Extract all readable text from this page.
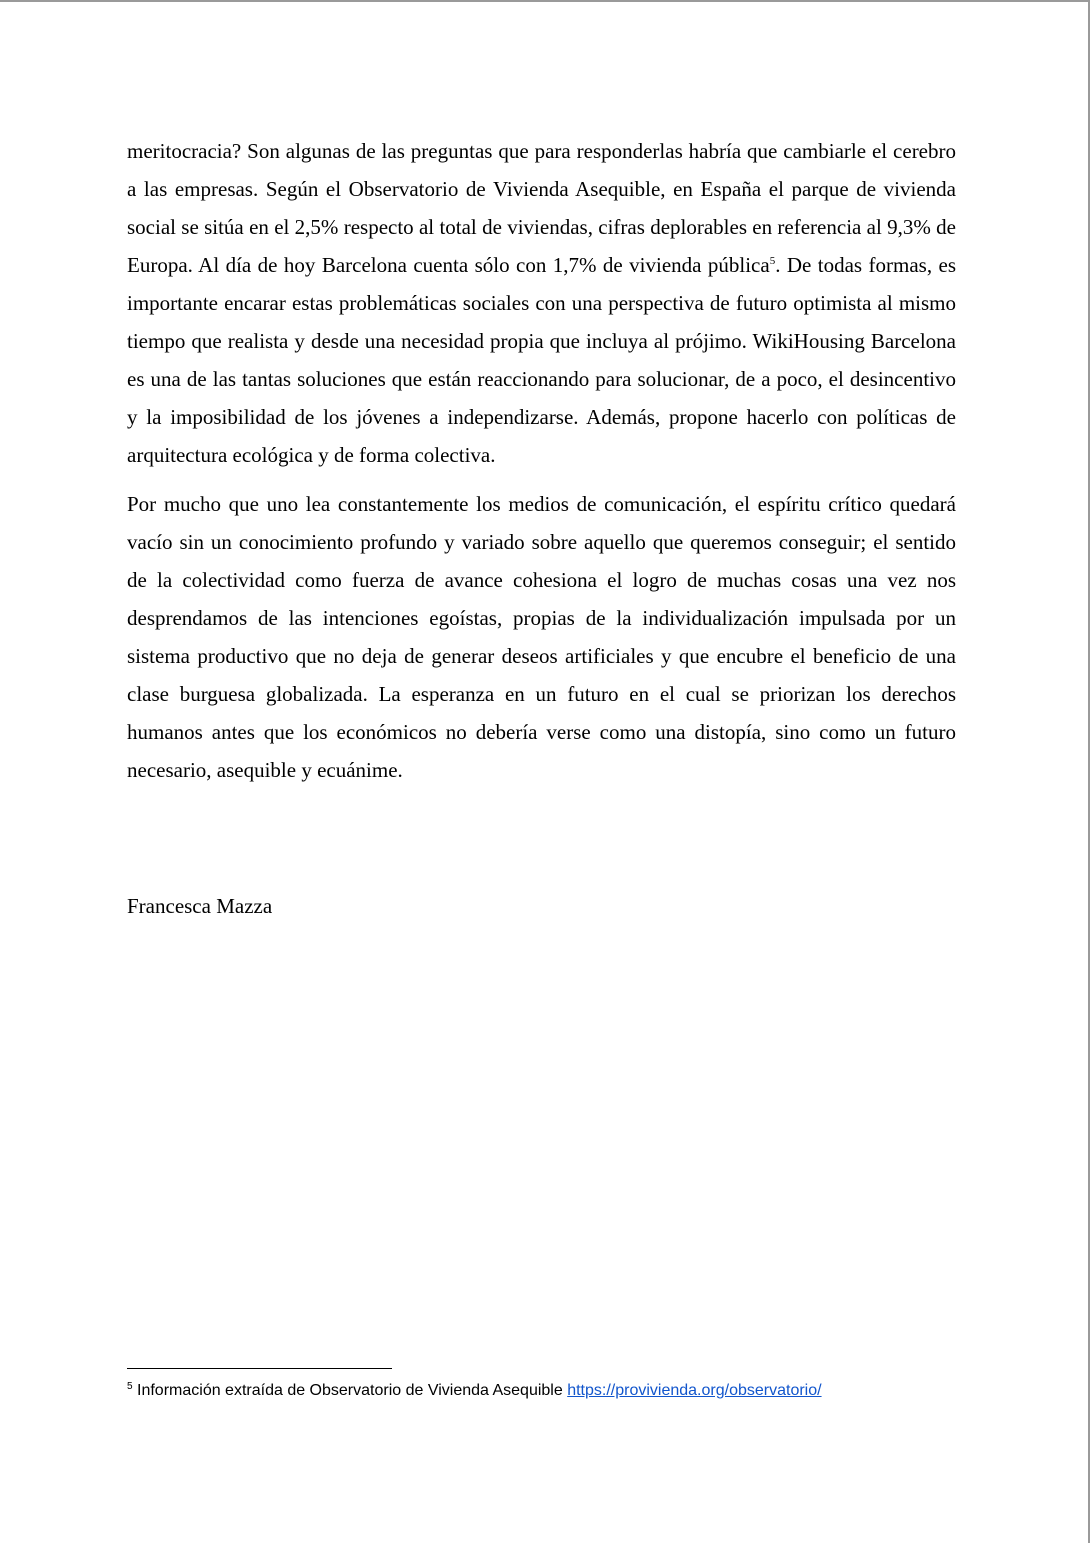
meritocracia? Son algunas de las preguntas que para responderlas habría que cambiarle el cerebro a las empresas. Según el Observatorio de Vivienda Asequible, en España el parque de vivienda social se sitúa en el 2,5% respecto al total de viviendas, cifras deplorables en referencia al 9,3% de Europa. Al día de hoy Barcelona cuenta sólo con 1,7% de vivienda pública$^5$. De todas formas, es importante encarar estas problemáticas sociales con una perspectiva de futuro optimista al mismo tiempo que realista y desde una necesidad propia que incluya al prójimo. WikiHousing Barcelona es una de las tantas soluciones que están reaccionando para solucionar, de a poco, el desincentivo y la imposibilidad de los jóvenes a independizarse. Además, propone hacerlo con políticas de arquitectura ecológica y de forma colectiva.

Por mucho que uno lea constantemente los medios de comunicación, el espíritu crítico quedará vacío sin un conocimiento profundo y variado sobre aquello que queremos conseguir; el sentido de la colectividad como fuerza de avance cohesiona el logro de muchas cosas una vez nos desprendamos de las intenciones egoístas, propias de la individualización impulsada por un sistema productivo que no deja de generar deseos artificiales y que encubre el beneficio de una clase burguesa globalizada. La esperanza en un futuro en el cual se priorizan los derechos humanos antes que los económicos no debería verse como una distopía, sino como un futuro necesario, asequible y ecuánime.

Francesca Mazza
$^5$ Información extraída de Observatorio de Vivienda Asequible https://provivienda.org/observatorio/
